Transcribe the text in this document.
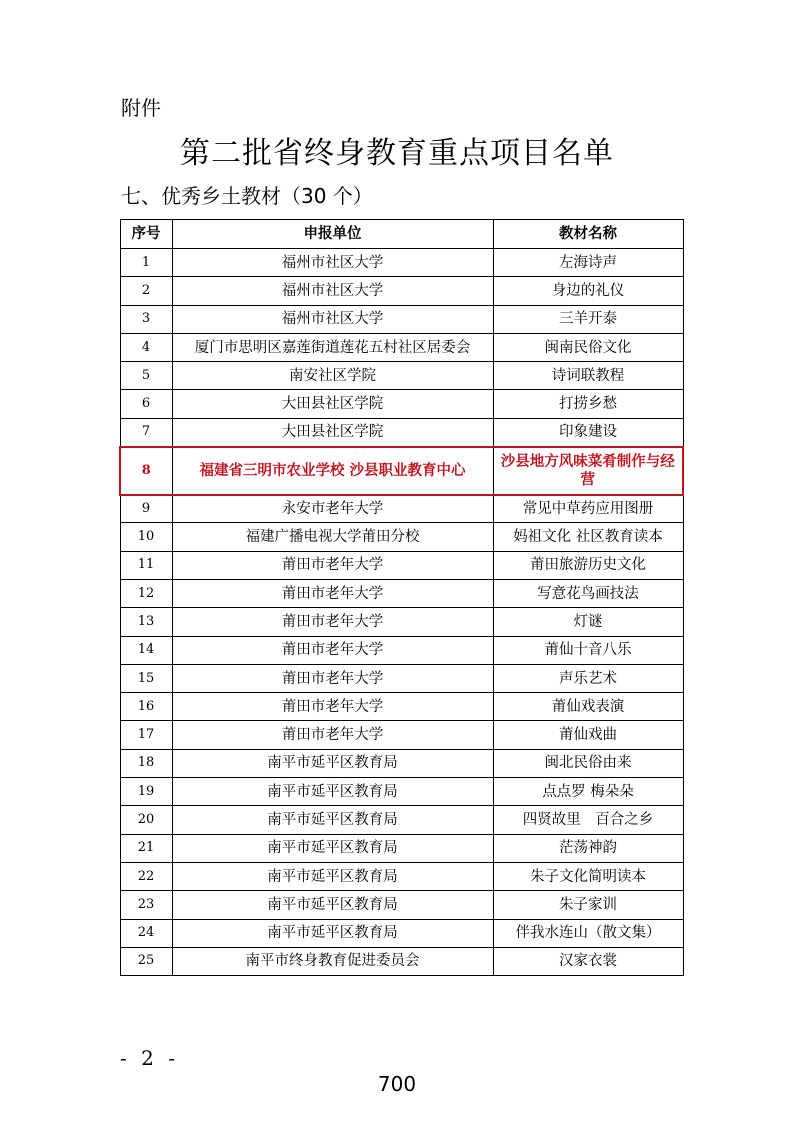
附件
第二批省终身教育重点项目名单
七、优秀乡土教材（30 个）
序号	申报单位	教材名称
1	福州市社区大学	左海诗声
2	福州市社区大学	身边的礼仪
3	福州市社区大学	三羊开泰
4	厦门市思明区嘉莲街道莲花五村社区居委会	闽南民俗文化
5	南安社区学院	诗词联教程
6	大田县社区学院	打捞乡愁
7	大田县社区学院	印象建设
8	福建省三明市农业学校 沙县职业教育中心	沙县地方风味菜肴制作与经营
9	永安市老年大学	常见中草药应用图册
10	福建广播电视大学莆田分校	妈祖文化 社区教育读本
11	莆田市老年大学	莆田旅游历史文化
12	莆田市老年大学	写意花鸟画技法
13	莆田市老年大学	灯谜
14	莆田市老年大学	莆仙十音八乐
15	莆田市老年大学	声乐艺术
16	莆田市老年大学	莆仙戏表演
17	莆田市老年大学	莆仙戏曲
18	南平市延平区教育局	闽北民俗由来
19	南平市延平区教育局	点点罗 梅朵朵
20	南平市延平区教育局	四贤故里　百合之乡
21	南平市延平区教育局	茫荡神韵
22	南平市延平区教育局	朱子文化简明读本
23	南平市延平区教育局	朱子家训
24	南平市延平区教育局	伴我水连山（散文集）
25	南平市终身教育促进委员会	汉家衣裳
- 2 -
700
